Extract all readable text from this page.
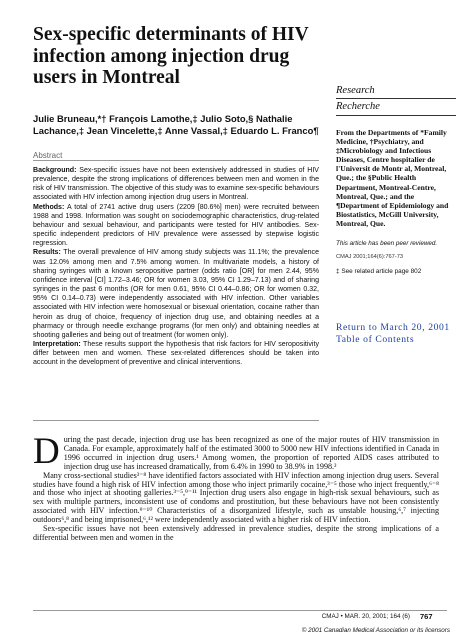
Sex-specific determinants of HIV infection among injection drug users in Montreal
Julie Bruneau,*† François Lamothe,‡ Julio Soto,§ Nathalie
Lachance,‡ Jean Vincelette,‡ Anne Vassal,‡ Eduardo L. Franco¶
Abstract

Background: Sex-specific issues have not been extensively addressed in studies of HIV prevalence, despite the strong implications of differences between men and women in the risk of HIV transmission. The objective of this study was to examine sex-specific behaviours associated with HIV infection among injection drug users in Montreal.

Methods: A total of 2741 active drug users (2209 [80.6%] men) were recruited between 1988 and 1998. Information was sought on sociodemographic characteristics, drug-related behaviour and sexual behaviour, and participants were tested for HIV antibodies. Sex-specific independent predictors of HIV prevalence were assessed by stepwise logistic regression.

Results: The overall prevalence of HIV among study subjects was 11.1%; the prevalence was 12.0% among men and 7.5% among women. In multivariate models, a history of sharing syringes with a known seropositive partner (odds ratio [OR] for men 2.44, 95% confidence interval [CI] 1.72–3.46; OR for women 3.03, 95% CI 1.29–7.13) and of sharing syringes in the past 6 months (OR for men 0.61, 95% CI 0.44–0.86; OR for women 0.32, 95% CI 0.14–0.73) were independently associated with HIV infection. Other variables associated with HIV infection were homosexual or bisexual orientation, cocaine rather than heroin as drug of choice, frequency of injection drug use, and obtaining needles at a pharmacy or through needle exchange programs (for men only) and obtaining needles at shooting galleries and being out of treatment (for women only).

Interpretation: These results support the hypothesis that risk factors for HIV seropositivity differ between men and women. These sex-related differences should be taken into account in the development of preventive and clinical interventions.

Research
Recherche
From the Departments of *Family Medicine, †Psychiatry, and ‡Microbiology and Infectious Diseases, Centre hospitalier de l'Universit de Montr al, Montreal, Que.; the §Public Health Department, Montreal-Centre, Montreal, Que.; and the ¶Department of Epidemiology and Biostatistics, McGill University, Montreal, Que.
This article has been peer reviewed.
CMAJ 2001;164(6):767-73
‡ See related article page 802
Return to March 20, 2001
Table of Contents

During the past decade, injection drug use has been recognized as one of the major routes of HIV transmission in Canada. For example, approximately half of the estimated 3000 to 5000 new HIV infections identified in Canada in 1996 occurred in injection drug users.¹ Among women, the proportion of reported AIDS cases attributed to injection drug use has increased dramatically, from 6.4% in 1990 to 38.9% in 1998.²

Many cross-sectional studies³⁻⁸ have identified factors associated with HIV infection among injection drug users. Several studies have found a high risk of HIV infection among those who inject primarily cocaine,³⁻⁵ those who inject frequently,⁶⁻⁸ and those who inject at shooting galleries.³⁻⁵,⁹⁻¹¹ Injection drug users also engage in high-risk sexual behaviours, such as sex with multiple partners, inconsistent use of condoms and prostitution, but these behaviours have not been consistently associated with HIV infection.⁹⁻¹⁰ Characteristics of a disorganized lifestyle, such as unstable housing,⁶,⁷ injecting outdoors⁶,⁸ and being imprisoned,⁶,¹² were independently associated with a higher risk of HIV infection.

Sex-specific issues have not been extensively addressed in prevalence studies, despite the strong implications of a differential between men and women in the

CMAJ • MAR. 20, 2001; 164 (6) 767
© 2001 Canadian Medical Association or its licensors
